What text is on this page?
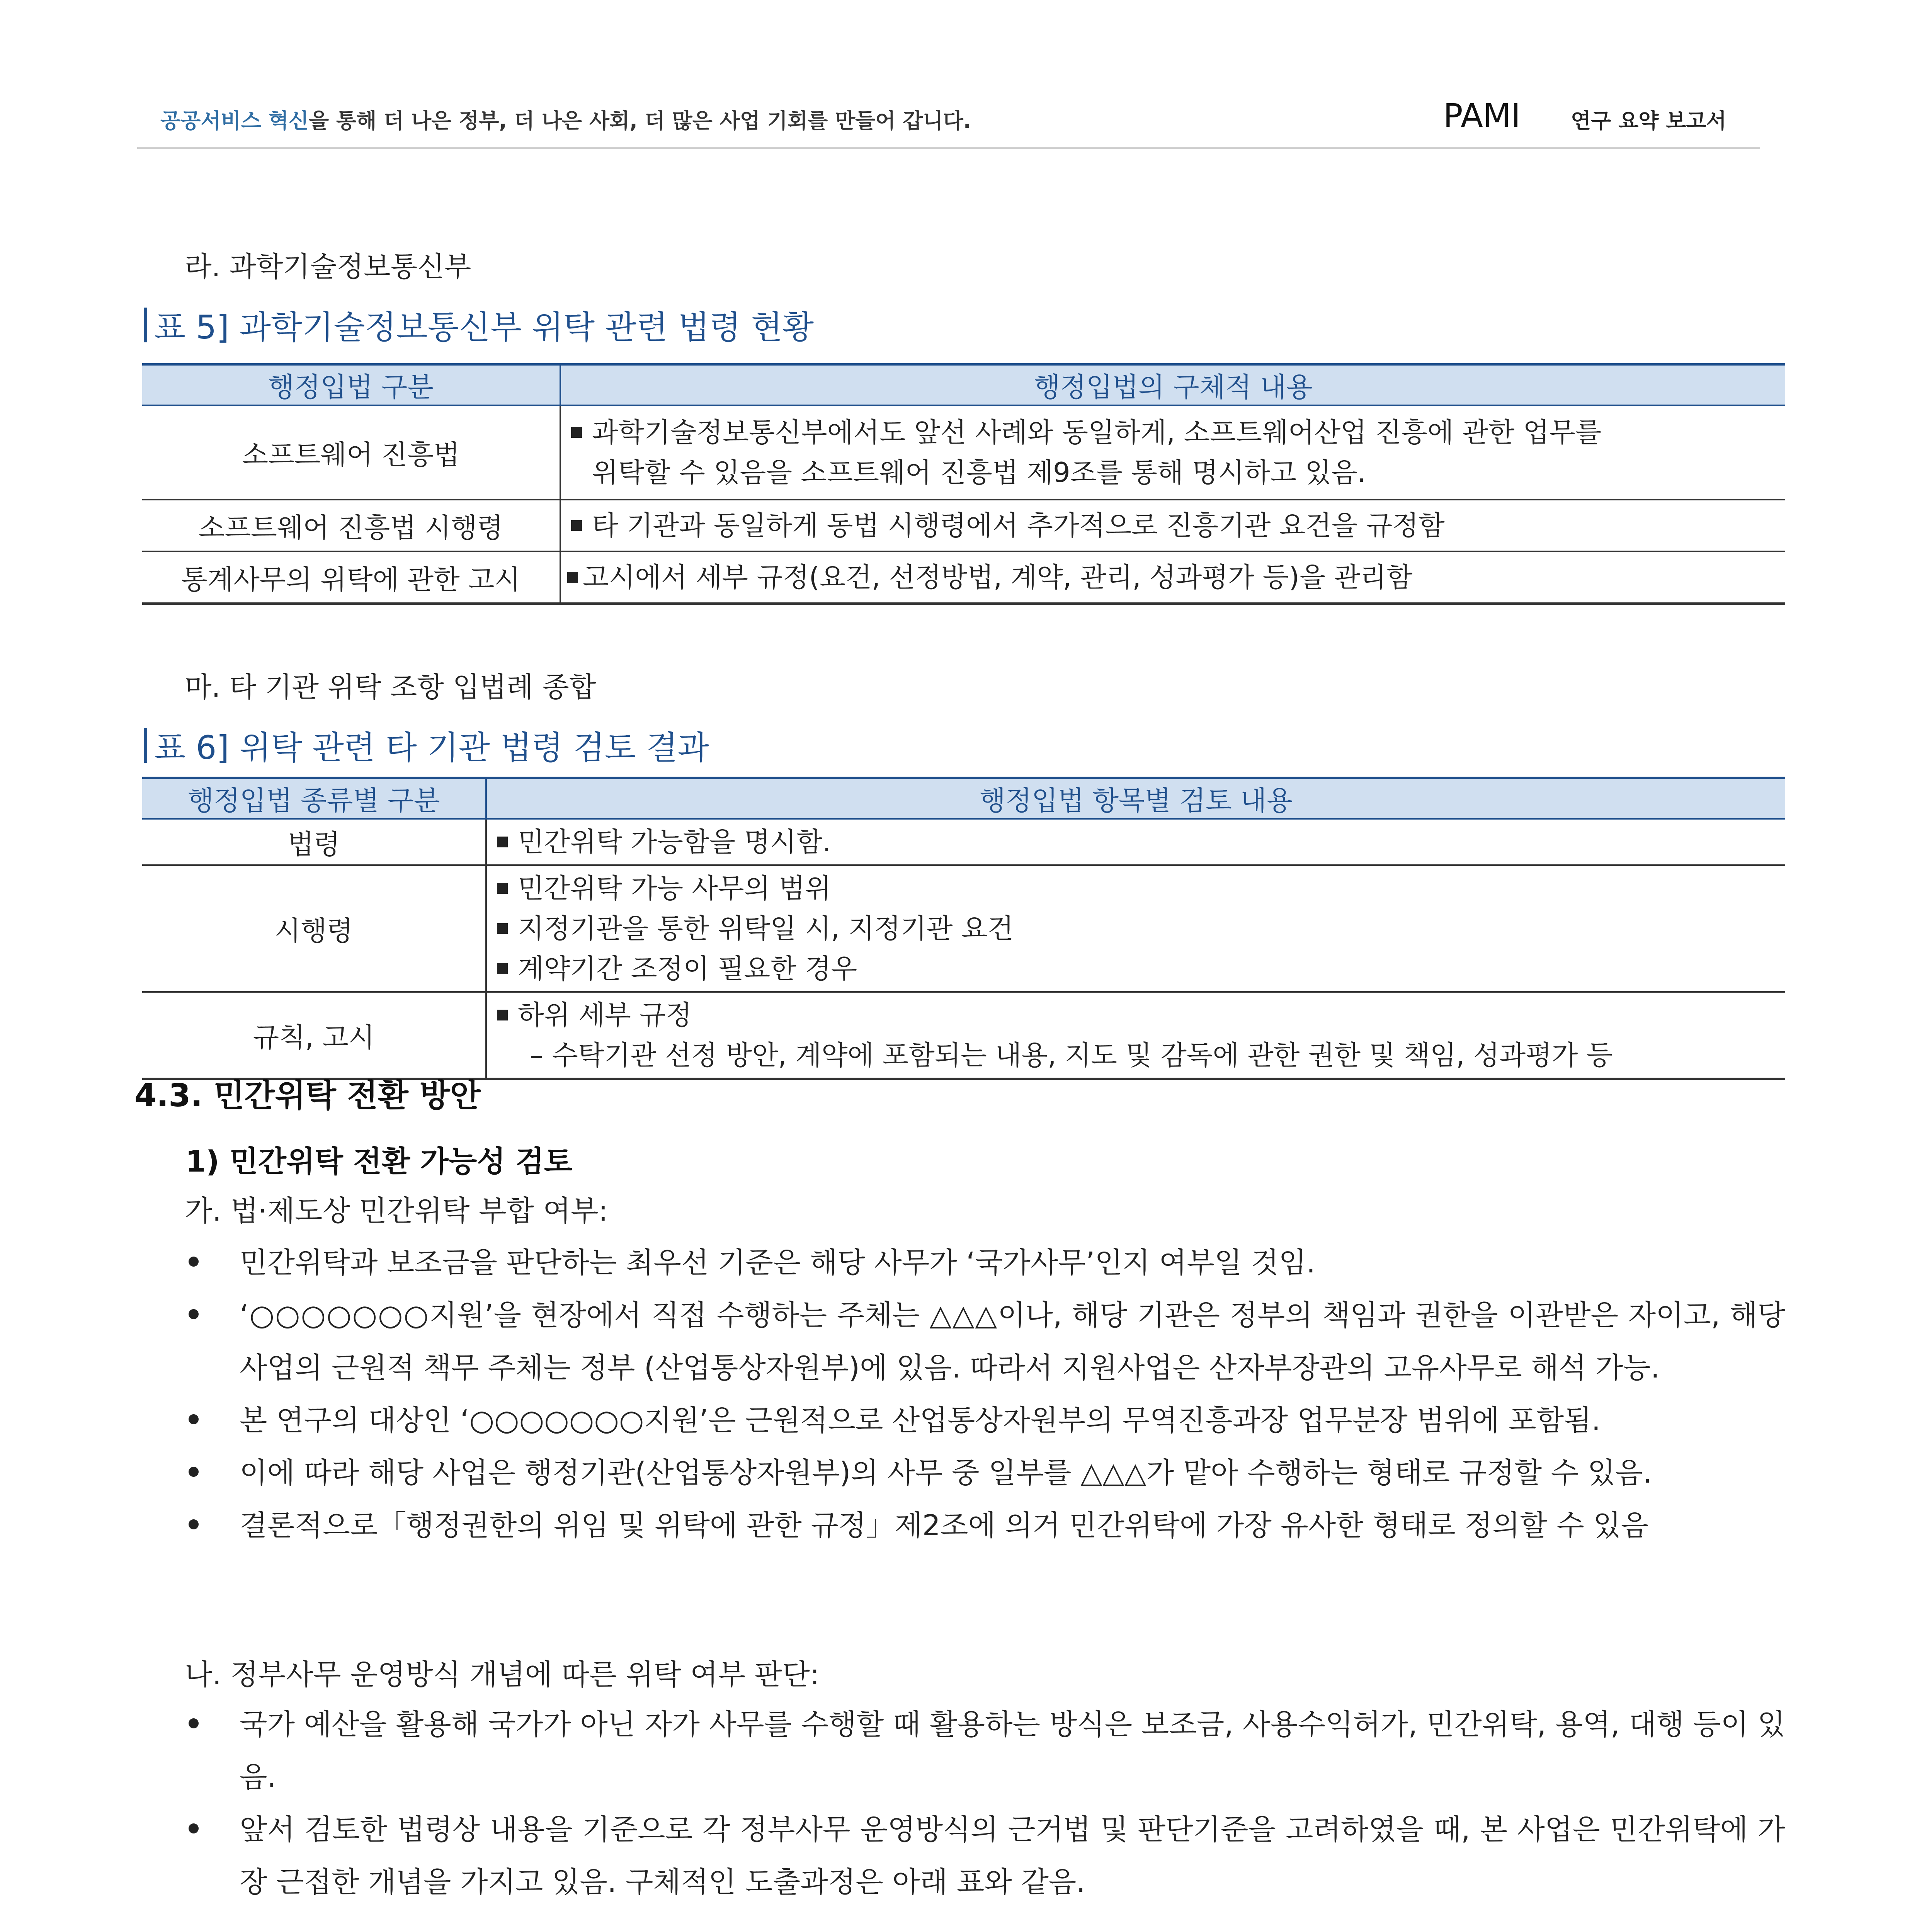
공공서비스 혁신을 통해 더 나은 정부, 더 나은 사회, 더 많은 사업 기회를 만들어 갑니다.	PAMI 연구 요약 보고서
라. 과학기술정보통신부
표 5] 과학기술정보통신부 위탁 관련 법령 현황
행정입법 구분	행정입법의 구체적 내용
소프트웨어 진흥법	과학기술정보통신부에서도 앞선 사례와 동일하게, 소프트웨어산업 진흥에 관한 업무를
위탁할 수 있음을 소프트웨어 진흥법 제9조를 통해 명시하고 있음.

소프트웨어 진흥법 시행령	타 기관과 동일하게 동법 시행령에서 추가적으로 진흥기관 요건을 규정함

통계사무의 위탁에 관한 고시	고시에서 세부 규정(요건, 선정방법, 계약, 관리, 성과평가 등)을 관리함
마. 타 기관 위탁 조항 입법례 종합
표 6] 위탁 관련 타 기관 법령 검토 결과
행정입법 종류별 구분	행정입법 항목별 검토 내용
법령	민간위탁 가능함을 명시함.

시행령	민간위탁 가능 사무의 범위
지정기관을 통한 위탁일 시, 지정기관 요건
계약기간 조정이 필요한 경우

규칙, 고시	하위 세부 규정
– 수탁기관 선정 방안, 계약에 포함되는 내용, 지도 및 감독에 관한 권한 및 책임, 성과평가 등
4.3. 민간위탁 전환 방안
1) 민간위탁 전환 가능성 검토
가. 법·제도상 민간위탁 부합 여부:
민간위탁과 보조금을 판단하는 최우선 기준은 해당 사무가 ‘국가사무’인지 여부일 것임.
‘○○○○○○○지원’을 현장에서 직접 수행하는 주체는 △△△이나, 해당 기관은 정부의 책임과 권한을 이관받은 자이고, 해당 사업의 근원적 책무 주체는 정부 (산업통상자원부)에 있음. 따라서 지원사업은 산자부장관의 고유사무로 해석 가능.
본 연구의 대상인 ‘○○○○○○○지원’은 근원적으로 산업통상자원부의 무역진흥과장 업무분장 범위에 포함됨.
이에 따라 해당 사업은 행정기관(산업통상자원부)의 사무 중 일부를 △△△가 맡아 수행하는 형태로 규정할 수 있음.
결론적으로「행정권한의 위임 및 위탁에 관한 규정」제2조에 의거 민간위탁에 가장 유사한 형태로 정의할 수 있음
나. 정부사무 운영방식 개념에 따른 위탁 여부 판단:
국가 예산을 활용해 국가가 아닌 자가 사무를 수행할 때 활용하는 방식은 보조금, 사용수익허가, 민간위탁, 용역, 대행 등이 있음.
앞서 검토한 법령상 내용을 기준으로 각 정부사무 운영방식의 근거법 및 판단기준을 고려하였을 때, 본 사업은 민간위탁에 가장 근접한 개념을 가지고 있음. 구체적인 도출과정은 아래 표와 같음.
